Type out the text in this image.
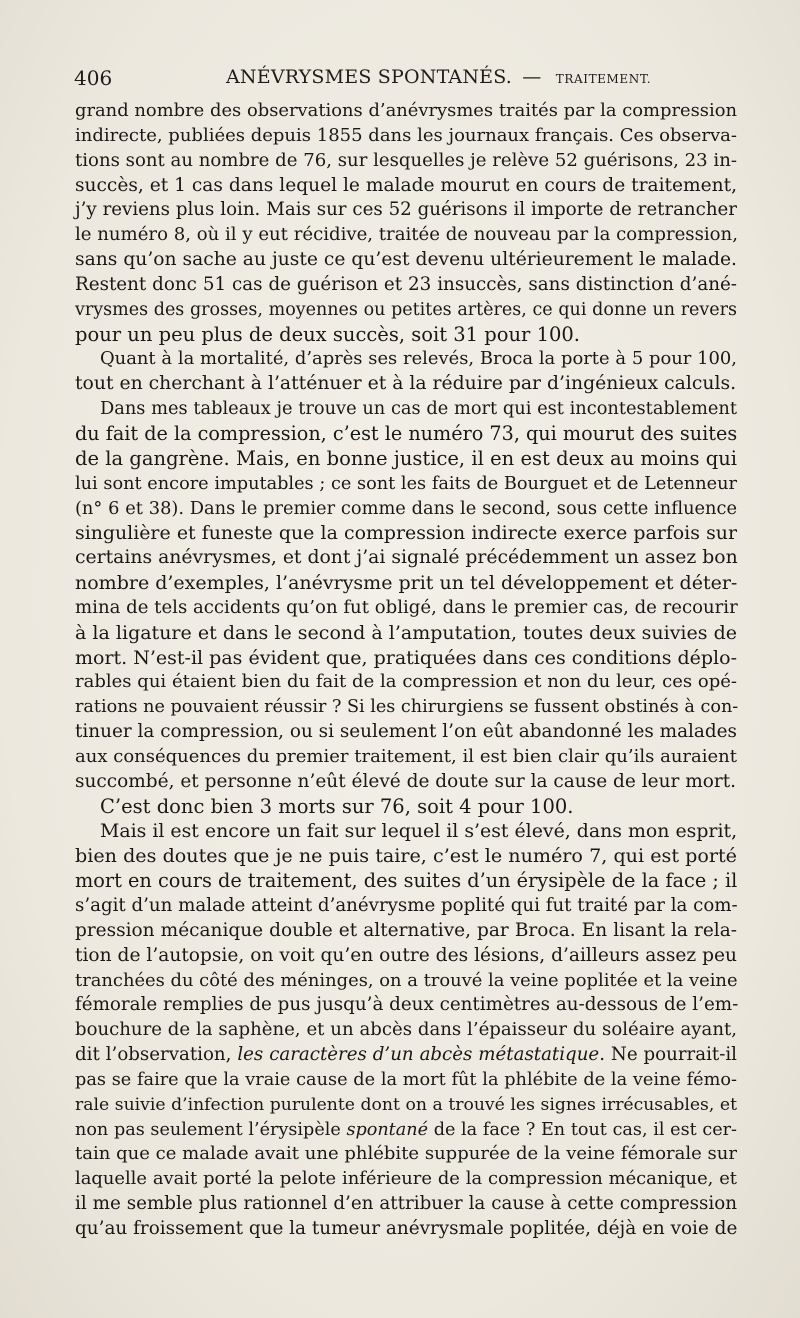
406	ANÉVRYSMES SPONTANÉS. — TRAITEMENT.
grand nombre des observations d’anévrysmes traités par la compression
indirecte, publiées depuis 1855 dans les journaux français. Ces observa-
tions sont au nombre de 76, sur lesquelles je relève 52 guérisons, 23 in-
succès, et 1 cas dans lequel le malade mourut en cours de traitement,
j’y reviens plus loin. Mais sur ces 52 guérisons il importe de retrancher
le numéro 8, où il y eut récidive, traitée de nouveau par la compression,
sans qu’on sache au juste ce qu’est devenu ultérieurement le malade.
Restent donc 51 cas de guérison et 23 insuccès, sans distinction d’ané-
vrysmes des grosses, moyennes ou petites artères, ce qui donne un revers
pour un peu plus de deux succès, soit 31 pour 100.
Quant à la mortalité, d’après ses relevés, Broca la porte à 5 pour 100,
tout en cherchant à l’atténuer et à la réduire par d’ingénieux calculs.
Dans mes tableaux je trouve un cas de mort qui est incontestablement
du fait de la compression, c’est le numéro 73, qui mourut des suites
de la gangrène. Mais, en bonne justice, il en est deux au moins qui
lui sont encore imputables ; ce sont les faits de Bourguet et de Letenneur
(n° 6 et 38). Dans le premier comme dans le second, sous cette influence
singulière et funeste que la compression indirecte exerce parfois sur
certains anévrysmes, et dont j’ai signalé précédemment un assez bon
nombre d’exemples, l’anévrysme prit un tel développement et déter-
mina de tels accidents qu’on fut obligé, dans le premier cas, de recourir
à la ligature et dans le second à l’amputation, toutes deux suivies de
mort. N’est-il pas évident que, pratiquées dans ces conditions déplo-
rables qui étaient bien du fait de la compression et non du leur, ces opé-
rations ne pouvaient réussir ? Si les chirurgiens se fussent obstinés à con-
tinuer la compression, ou si seulement l’on eût abandonné les malades
aux conséquences du premier traitement, il est bien clair qu’ils auraient
succombé, et personne n’eût élevé de doute sur la cause de leur mort.
C’est donc bien 3 morts sur 76, soit 4 pour 100.
Mais il est encore un fait sur lequel il s’est élevé, dans mon esprit,
bien des doutes que je ne puis taire, c’est le numéro 7, qui est porté
mort en cours de traitement, des suites d’un érysipèle de la face ; il
s’agit d’un malade atteint d’anévrysme poplité qui fut traité par la com-
pression mécanique double et alternative, par Broca. En lisant la rela-
tion de l’autopsie, on voit qu’en outre des lésions, d’ailleurs assez peu
tranchées du côté des méninges, on a trouvé la veine poplitée et la veine
fémorale remplies de pus jusqu’à deux centimètres au-dessous de l’em-
bouchure de la saphène, et un abcès dans l’épaisseur du soléaire ayant,
dit l’observation, les caractères d’un abcès métastatique. Ne pourrait-il
pas se faire que la vraie cause de la mort fût la phlébite de la veine fémo-
rale suivie d’infection purulente dont on a trouvé les signes irrécusables, et
non pas seulement l’érysipèle spontané de la face ? En tout cas, il est cer-
tain que ce malade avait une phlébite suppurée de la veine fémorale sur
laquelle avait porté la pelote inférieure de la compression mécanique, et
il me semble plus rationnel d’en attribuer la cause à cette compression
qu’au froissement que la tumeur anévrysmale poplitée, déjà en voie de
